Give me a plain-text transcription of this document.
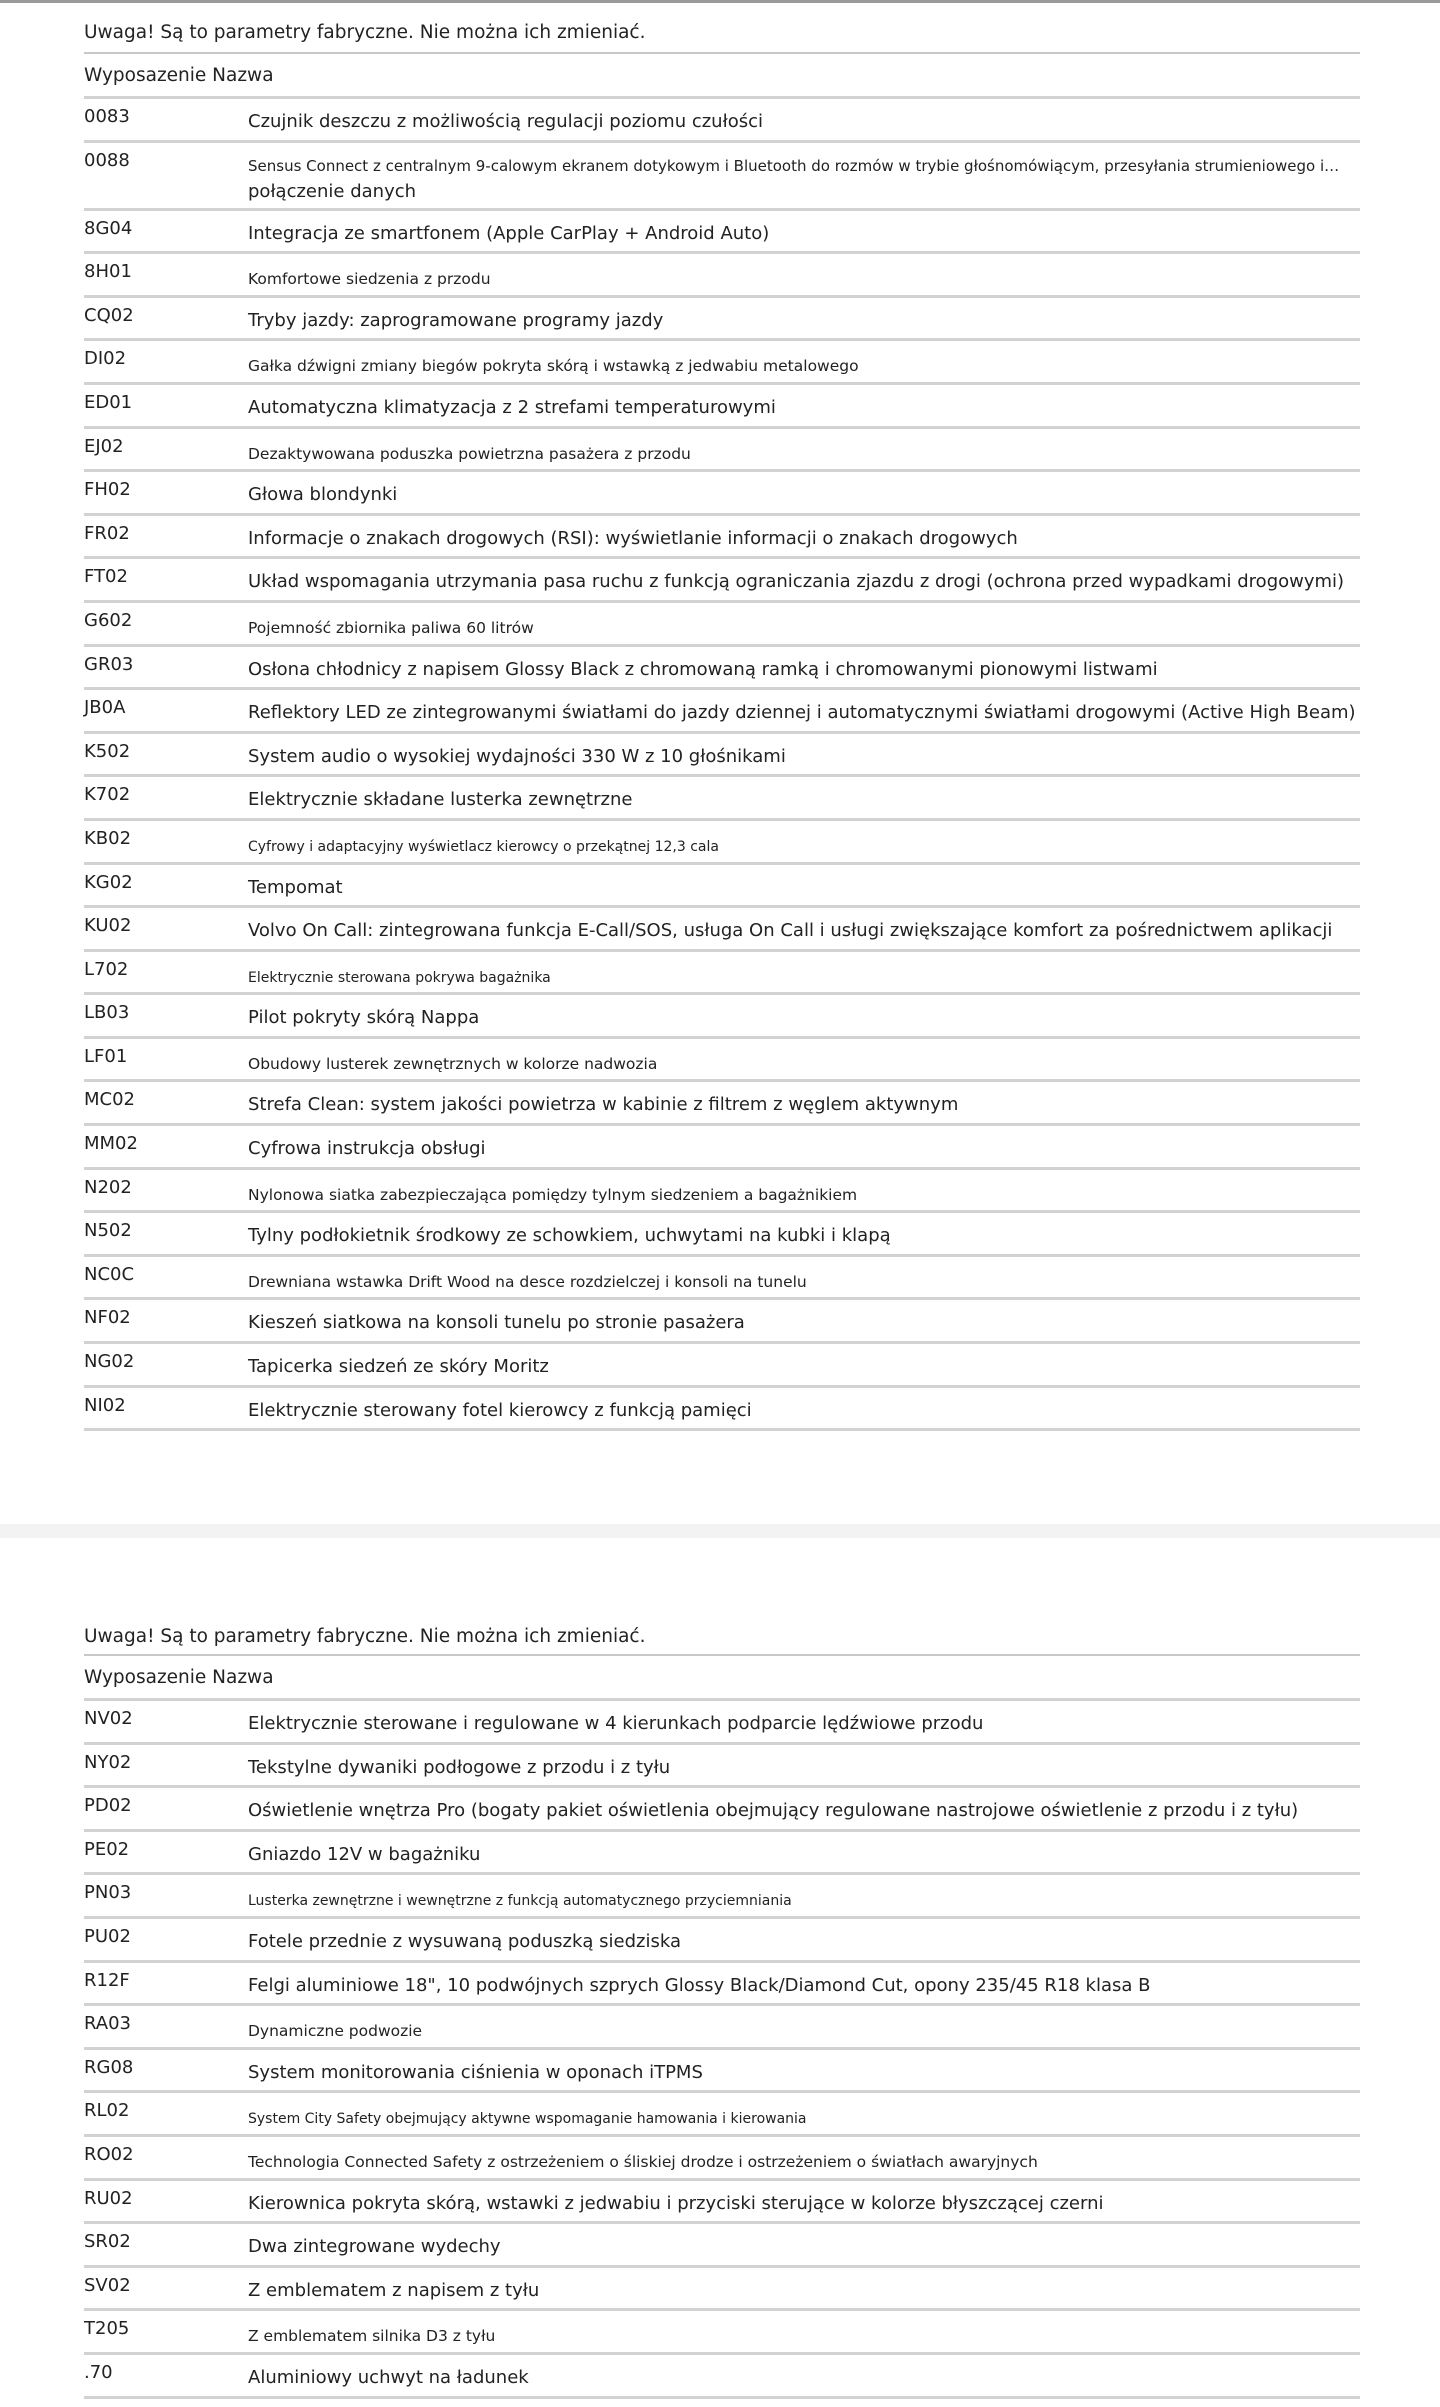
Uwaga! Są to parametry fabryczne. Nie można ich zmieniać.
Wyposazenie Nazwa
0083	Czujnik deszczu z możliwością regulacji poziomu czułości
0088	Sensus Connect z centralnym 9-calowym ekranem dotykowym i Bluetooth do rozmów w trybie głośnomówiącym, przesyłania strumieniowego i…
połączenie danych
8G04	Integracja ze smartfonem (Apple CarPlay + Android Auto)
8H01	Komfortowe siedzenia z przodu
CQ02	Tryby jazdy: zaprogramowane programy jazdy
DI02	Gałka dźwigni zmiany biegów pokryta skórą i wstawką z jedwabiu metalowego
ED01	Automatyczna klimatyzacja z 2 strefami temperaturowymi
EJ02	Dezaktywowana poduszka powietrzna pasażera z przodu
FH02	Głowa blondynki
FR02	Informacje o znakach drogowych (RSI): wyświetlanie informacji o znakach drogowych
FT02	Układ wspomagania utrzymania pasa ruchu z funkcją ograniczania zjazdu z drogi (ochrona przed wypadkami drogowymi)
G602	Pojemność zbiornika paliwa 60 litrów
GR03	Osłona chłodnicy z napisem Glossy Black z chromowaną ramką i chromowanymi pionowymi listwami
JB0A	Reflektory LED ze zintegrowanymi światłami do jazdy dziennej i automatycznymi światłami drogowymi (Active High Beam)
K502	System audio o wysokiej wydajności 330 W z 10 głośnikami
K702	Elektrycznie składane lusterka zewnętrzne
KB02	Cyfrowy i adaptacyjny wyświetlacz kierowcy o przekątnej 12,3 cala
KG02	Tempomat
KU02	Volvo On Call: zintegrowana funkcja E-Call/SOS, usługa On Call i usługi zwiększające komfort za pośrednictwem aplikacji
L702	Elektrycznie sterowana pokrywa bagażnika
LB03	Pilot pokryty skórą Nappa
LF01	Obudowy lusterek zewnętrznych w kolorze nadwozia
MC02	Strefa Clean: system jakości powietrza w kabinie z filtrem z węglem aktywnym
MM02	Cyfrowa instrukcja obsługi
N202	Nylonowa siatka zabezpieczająca pomiędzy tylnym siedzeniem a bagażnikiem
N502	Tylny podłokietnik środkowy ze schowkiem, uchwytami na kubki i klapą
NC0C	Drewniana wstawka Drift Wood na desce rozdzielczej i konsoli na tunelu
NF02	Kieszeń siatkowa na konsoli tunelu po stronie pasażera
NG02	Tapicerka siedzeń ze skóry Moritz
NI02	Elektrycznie sterowany fotel kierowcy z funkcją pamięci
Uwaga! Są to parametry fabryczne. Nie można ich zmieniać.
Wyposazenie Nazwa
NV02	Elektrycznie sterowane i regulowane w 4 kierunkach podparcie lędźwiowe przodu
NY02	Tekstylne dywaniki podłogowe z przodu i z tyłu
PD02	Oświetlenie wnętrza Pro (bogaty pakiet oświetlenia obejmujący regulowane nastrojowe oświetlenie z przodu i z tyłu)
PE02	Gniazdo 12V w bagażniku
PN03	Lusterka zewnętrzne i wewnętrzne z funkcją automatycznego przyciemniania
PU02	Fotele przednie z wysuwaną poduszką siedziska
R12F	Felgi aluminiowe 18", 10 podwójnych szprych Glossy Black/Diamond Cut, opony 235/45 R18 klasa B
RA03	Dynamiczne podwozie
RG08	System monitorowania ciśnienia w oponach iTPMS
RL02	System City Safety obejmujący aktywne wspomaganie hamowania i kierowania
RO02	Technologia Connected Safety z ostrzeżeniem o śliskiej drodze i ostrzeżeniem o światłach awaryjnych
RU02	Kierownica pokryta skórą, wstawki z jedwabiu i przyciski sterujące w kolorze błyszczącej czerni
SR02	Dwa zintegrowane wydechy
SV02	Z emblematem z napisem z tyłu
T205	Z emblematem silnika D3 z tyłu
.70	Aluminiowy uchwyt na ładunek
